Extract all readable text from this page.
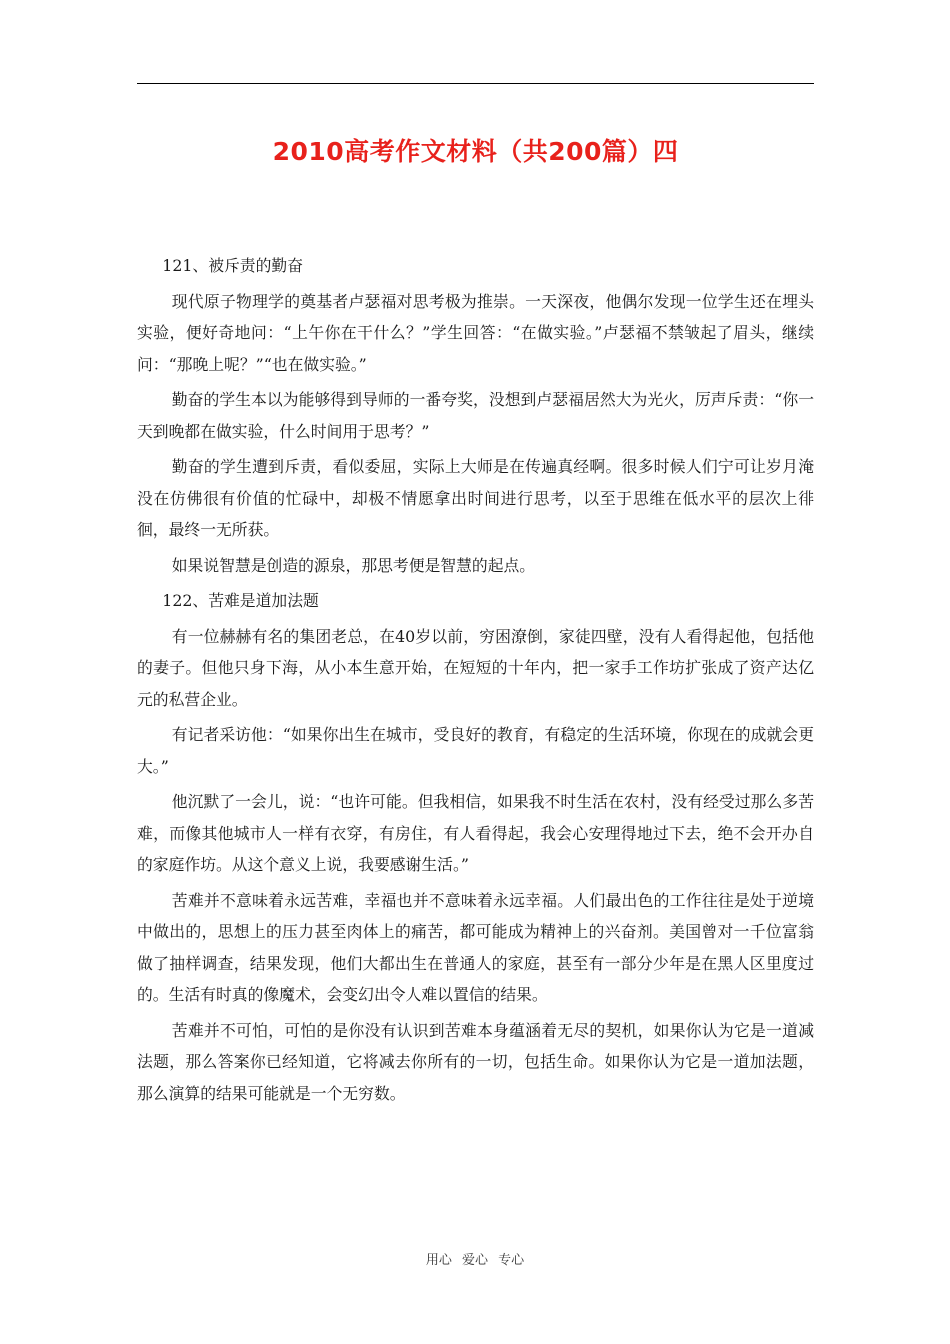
2010高考作文材料（共200篇）四

121、被斥责的勤奋

现代原子物理学的奠基者卢瑟福对思考极为推崇。一天深夜，他偶尔发现一位学生还在埋头实验，便好奇地问：“上午你在干什么？”学生回答：“在做实验。”卢瑟福不禁皱起了眉头，继续问：“那晚上呢？”“也在做实验。”

勤奋的学生本以为能够得到导师的一番夸奖，没想到卢瑟福居然大为光火，厉声斥责：“你一天到晚都在做实验，什么时间用于思考？”

勤奋的学生遭到斥责，看似委屈，实际上大师是在传遍真经啊。很多时候人们宁可让岁月淹没在仿佛很有价值的忙碌中，却极不情愿拿出时间进行思考，以至于思维在低水平的层次上徘徊，最终一无所获。

如果说智慧是创造的源泉，那思考便是智慧的起点。

122、苦难是道加法题

有一位赫赫有名的集团老总，在40岁以前，穷困潦倒，家徒四壁，没有人看得起他，包括他的妻子。但他只身下海，从小本生意开始，在短短的十年内，把一家手工作坊扩张成了资产达亿元的私营企业。

有记者采访他：“如果你出生在城市，受良好的教育，有稳定的生活环境，你现在的成就会更大。”

他沉默了一会儿，说：“也许可能。但我相信，如果我不时生活在农村，没有经受过那么多苦难，而像其他城市人一样有衣穿，有房住，有人看得起，我会心安理得地过下去，绝不会开办自的家庭作坊。从这个意义上说，我要感谢生活。”

苦难并不意味着永远苦难，幸福也并不意味着永远幸福。人们最出色的工作往往是处于逆境中做出的，思想上的压力甚至肉体上的痛苦，都可能成为精神上的兴奋剂。美国曾对一千位富翁做了抽样调查，结果发现，他们大都出生在普通人的家庭，甚至有一部分少年是在黑人区里度过的。生活有时真的像魔术，会变幻出令人难以置信的结果。

苦难并不可怕，可怕的是你没有认识到苦难本身蕴涵着无尽的契机，如果你认为它是一道减法题，那么答案你已经知道，它将减去你所有的一切，包括生命。如果你认为它是一道加法题，那么演算的结果可能就是一个无穷数。

用心 爱心 专心
